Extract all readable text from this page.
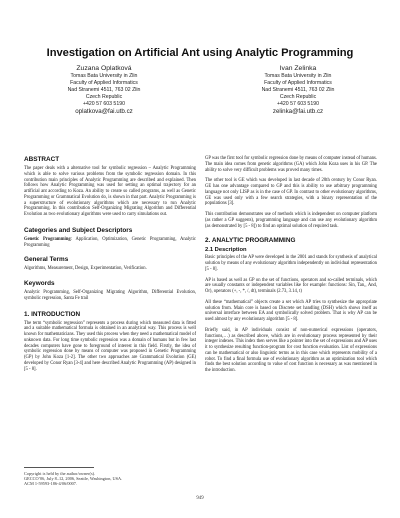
Investigation on Artificial Ant using Analytic Programming
Zuzana Oplatková
Tomas Bata University in Zlin
Faculty of Applied Informatics
Nad Stranemi 4511, 763 02 Zlin
Czech Republic
+420 57 603 5190
oplatkova@fai.utb.cz
Ivan Zelinka
Tomas Bata University in Zlin
Faculty of Applied Informatics
Nad Stranemi 4511, 763 02 Zlin
Czech Republic
+420 57 603 5190
zelinka@fai.utb.cz
ABSTRACT

The paper deals with a alternative tool for symbolic regression – Analytic Programming which is able to solve various problems from the symbolic regression domain. In this contribution main principles of Analytic Programming are described and explained. Then follows how Analytic Programming was used for setting an optimal trajectory for an artificial ant according to Koza. An ability to create so called programs, as well as Genetic Programming or Grammatical Evolution do, is shown in that part. Analytic Programming is a superstructure of evolutionary algorithms which are necessary to run Analytic Programming. In this contribution Self-Organizing Migrating Algorithm and Differential Evolution as two evolutionary algorithms were used to carry simulations out.

Categories and Subject Descriptors

Genetic Programming: Application, Optimization, Genetic Programming, Analytic Programming

General Terms

Algorithms, Measurement, Design, Experimentation, Verification.

Keywords

Analytic Programming, Self-Organizing Migrating Algorithm, Differential Evolution, symbolic regression, Santa Fe trail

1. INTRODUCTION

The term “symbolic regression” represents a process during which measured data is fitted and a suitable mathematical formula is obtained in an analytical way. This process is well known for mathematicians. They used this process when they need a mathematical model of unknown data. For long time symbolic regression was a domain of humans but in few last decades computers have gone to foreground of interest in this field. Firstly, the idea of symbolic regression done by means of computer was proposed in Genetic Programming (GP) by John Koza [1-2]. The other two approaches are Grammatical Evolution (GE) developed by Conor Ryan [3-4] and here described Analytic Programming (AP) designed in [5 - 8].

GP was the first tool for symbolic regression done by means of computer instead of humans. The main idea comes from genetic algorithms (GA) which John Koza uses in his GP. The ability to solve very difficult problems was proved many times.

The other tool is GE which was developed in last decade of 20th century by Conor Ryan. GE has one advantage compared to GP and this is ability to use arbitrary programming language not only LISP as is in the case of GP. In contrast to other evolutionary algorithms, GE was used only with a few search strategies, with a binary representation of the populations [3].

This contribution demonstrates use of methods which is independent on computer platform (as rather a GP suggests), programming language and can use any evolutionary algorithm (as demonstrated by [5 - 8]) to find an optimal solution of required task.

2. ANALYTIC PROGRAMMING
2.1 Description

Basic principles of the AP were developed in the 2001 and stands for synthesis of analytical solution by means of any evolutionary algorithm independently on individual representation [5 - 8].

AP is based as well as GP on the set of functions, operators and so-called terminals, which are usually constants or independent variables like for example: functions: Sin, Tan,, And, Or), operators (+, -, *, /, dt), terminals (2.73, 3.14, t)

All these “mathematical” objects create a set which AP tries to synthesize the appropriate solution from. Main core is based on Discrete set handling (DSH) which shows itself as universal interface between EA and symbolically solved problem. That is why AP can be used almost by any evolutionary algorithm [5 - 8].

Briefly said, in AP individuals consist of non-numerical expressions (operators, functions,…) as described above, which are in evolutionary process represented by their integer indexes. This index then serves like a pointer into the set of expressions and AP uses it to synthesize resulting function-program for cost function evaluation. List of expressions can be mathematical or also linguistic terms as in this case which represents mobility of a robot. To find a final formula use of evolutionary algorithm as an optimization tool which finds the best solution according to value of cost function is necessary as was mentioned in the introduction.

Copyright is held by the author/owner(s).
GECCO’06, July 8–12, 2006, Seattle, Washington, USA.
ACM 1-59593-186-4/06/0007.
949
